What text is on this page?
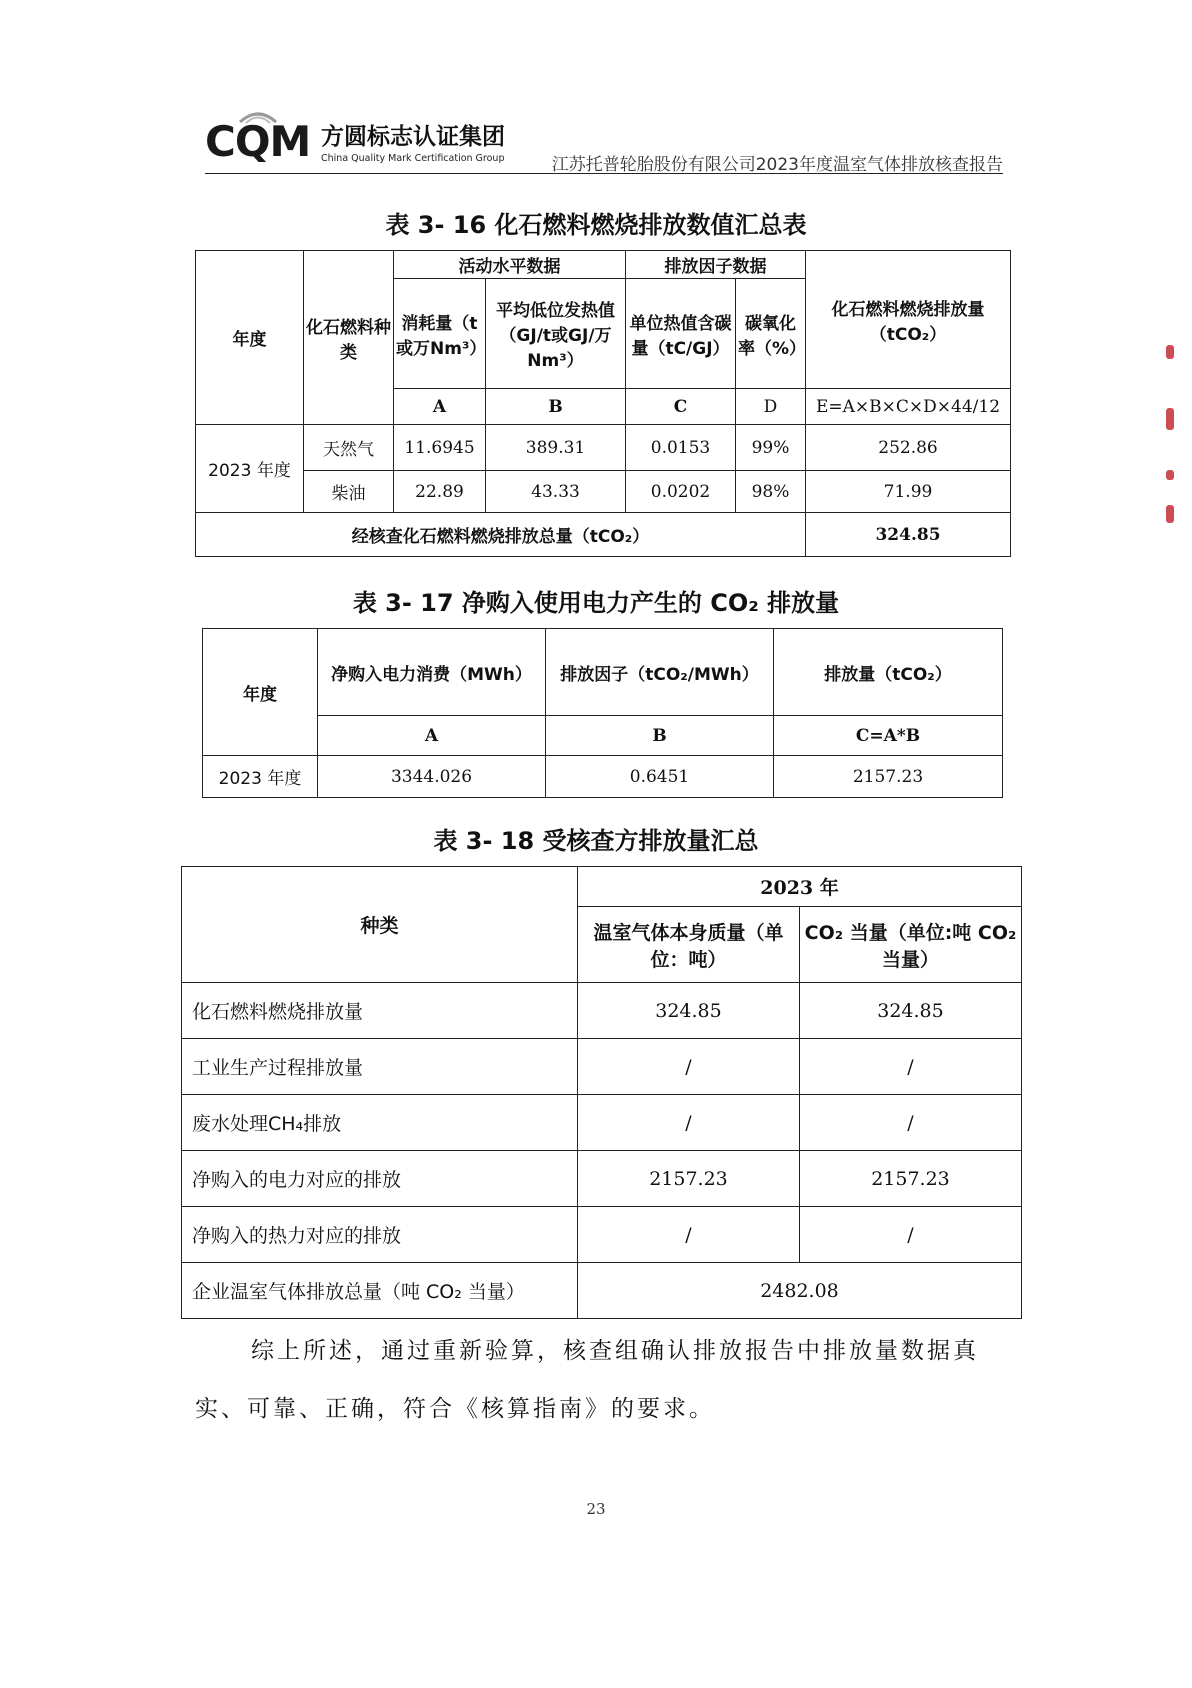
CQM 方圆标志认证集团
China Quality Mark Certification Group	江苏托普轮胎股份有限公司2023年度温室气体排放核查报告
表 3- 16 化石燃料燃烧排放数值汇总表
年度	化石燃料种类	活动水平数据		排放因子数据		化石燃料燃烧排放量（tCO₂）
		消耗量（t或万Nm³）	平均低位发热值（GJ/t或GJ/万Nm³）	单位热值含碳量（tC/GJ）	碳氧化率（%）	
		A	B	C	D	E=A×B×C×D×44/12
2023 年度	天然气	11.6945	389.31	0.0153	99%	252.86
	柴油	22.89	43.33	0.0202	98%	71.99
经核查化石燃料燃烧排放总量（tCO₂）						324.85
表 3- 17 净购入使用电力产生的 CO₂ 排放量
年度	净购入电力消费（MWh）	排放因子（tCO₂/MWh）	排放量（tCO₂）
	A	B	C=A*B
2023 年度	3344.026	0.6451	2157.23
表 3- 18 受核查方排放量汇总
种类	2023 年	
	温室气体本身质量（单位：吨）	CO₂ 当量（单位:吨 CO₂ 当量）
化石燃料燃烧排放量	324.85	324.85
工业生产过程排放量	/	/
废水处理CH₄排放	/	/
净购入的电力对应的排放	2157.23	2157.23
净购入的热力对应的排放	/	/
企业温室气体排放总量（吨 CO₂ 当量）	2482.08	
综上所述，通过重新验算，核查组确认排放报告中排放量数据真实、可靠、正确，符合《核算指南》的要求。
23
